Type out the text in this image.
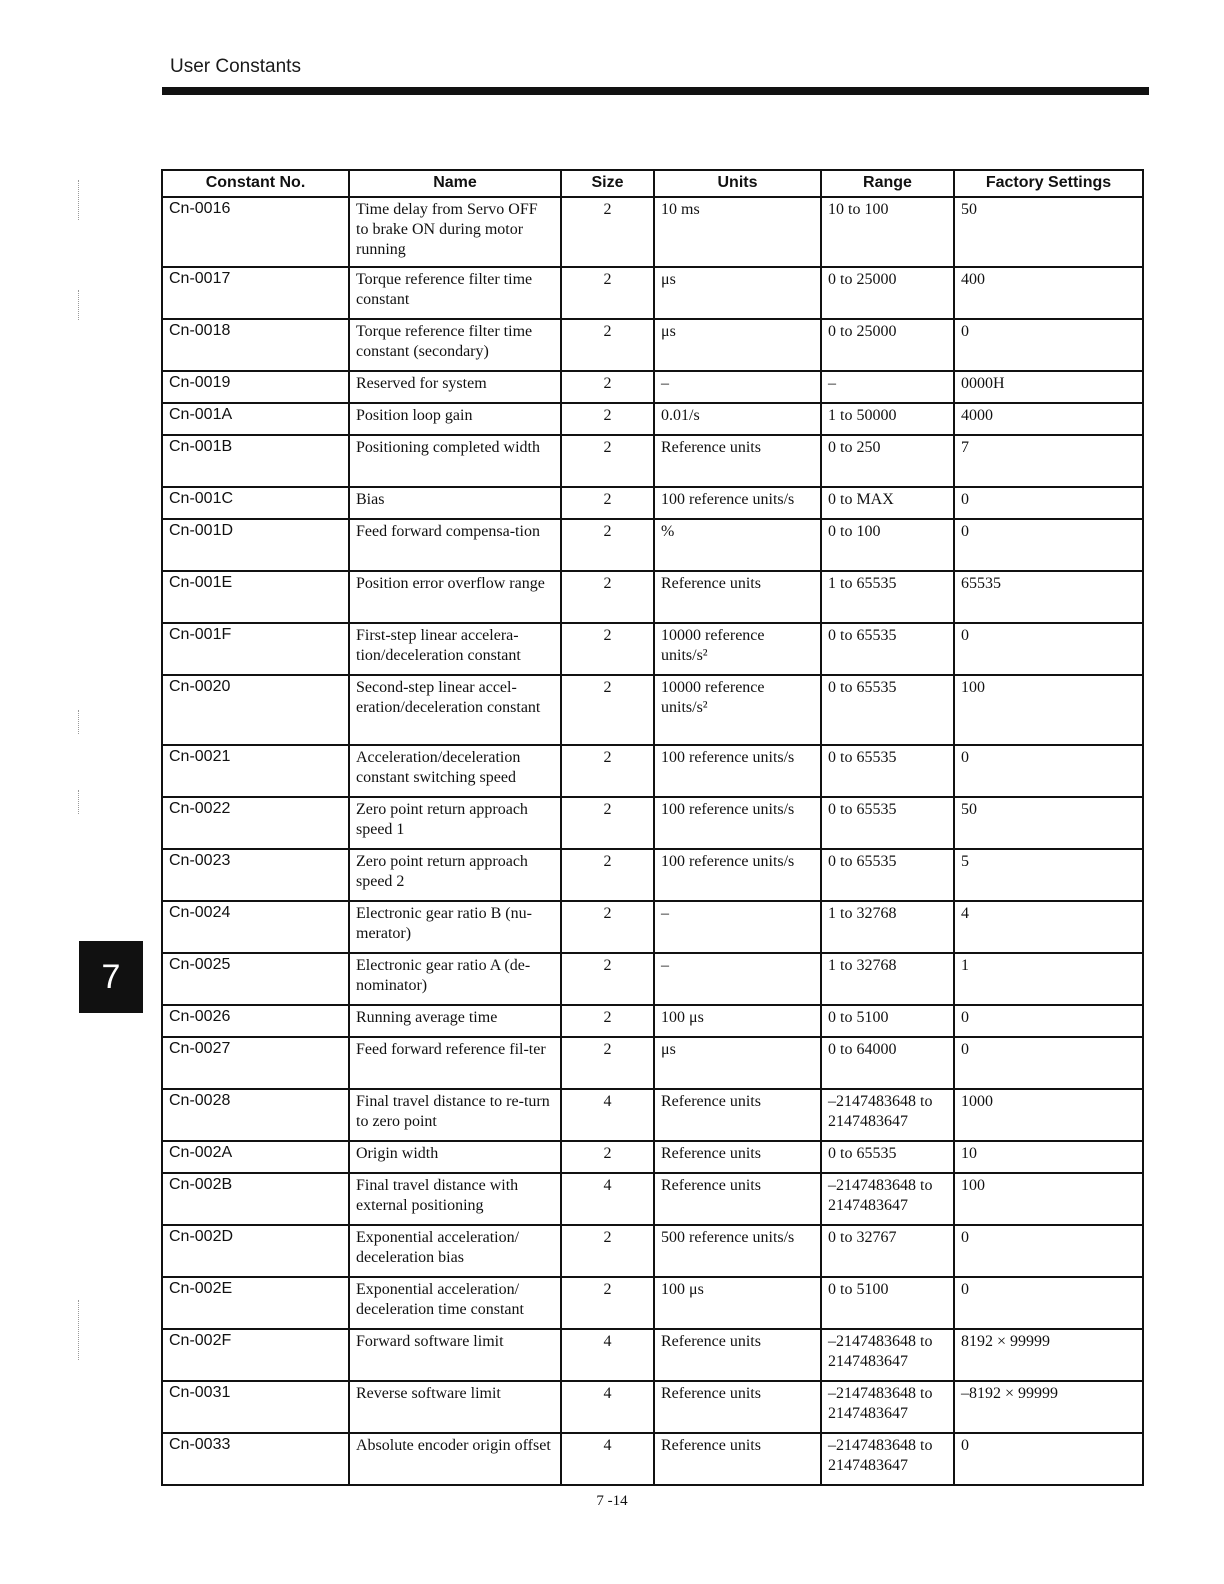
User Constants
7
Constant No.	Name	Size	Units	Range	Factory Settings
Cn-0016	Time delay from Servo OFF to brake ON during motor running	2	10 ms	10 to 100	50
Cn-0017	Torque reference filter time constant	2	μs	0 to 25000	400
Cn-0018	Torque reference filter time constant (secondary)	2	μs	0 to 25000	0
Cn-0019	Reserved for system	2	–	–	0000H
Cn-001A	Position loop gain	2	0.01/s	1 to 50000	4000
Cn-001B	Positioning completed width	2	Reference units	0 to 250	7
Cn-001C	Bias	2	100 reference units/s	0 to MAX	0
Cn-001D	Feed forward compensa-tion	2	%	0 to 100	0
Cn-001E	Position error overflow range	2	Reference units	1 to 65535	65535
Cn-001F	First-step linear accelera-tion/deceleration constant	2	10000 reference units/s²	0 to 65535	0
Cn-0020	Second-step linear accel-eration/deceleration constant	2	10000 reference units/s²	0 to 65535	100
Cn-0021	Acceleration/deceleration constant switching speed	2	100 reference units/s	0 to 65535	0
Cn-0022	Zero point return approach speed 1	2	100 reference units/s	0 to 65535	50
Cn-0023	Zero point return approach speed 2	2	100 reference units/s	0 to 65535	5
Cn-0024	Electronic gear ratio B (nu-merator)	2	–	1 to 32768	4
Cn-0025	Electronic gear ratio A (de-nominator)	2	–	1 to 32768	1
Cn-0026	Running average time	2	100 μs	0 to 5100	0
Cn-0027	Feed forward reference fil-ter	2	μs	0 to 64000	0
Cn-0028	Final travel distance to re-turn to zero point	4	Reference units	–2147483648 to 2147483647	1000
Cn-002A	Origin width	2	Reference units	0 to 65535	10
Cn-002B	Final travel distance with external positioning	4	Reference units	–2147483648 to 2147483647	100
Cn-002D	Exponential acceleration/ deceleration bias	2	500 reference units/s	0 to 32767	0
Cn-002E	Exponential acceleration/ deceleration time constant	2	100 μs	0 to 5100	0
Cn-002F	Forward software limit	4	Reference units	–2147483648 to 2147483647	8192 × 99999
Cn-0031	Reverse software limit	4	Reference units	–2147483648 to 2147483647	–8192 × 99999
Cn-0033	Absolute encoder origin offset	4	Reference units	–2147483648 to 2147483647	0
7 -14
